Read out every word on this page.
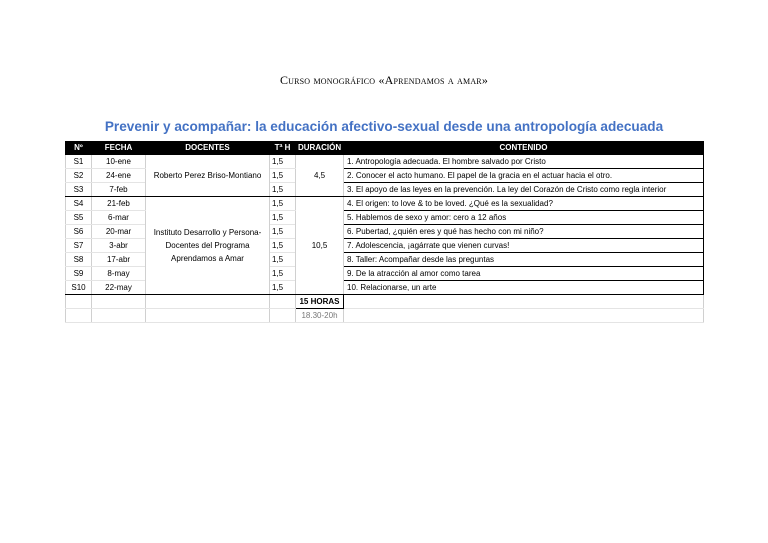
Curso monográfico «Aprendamos a amar»
Prevenir y acompañar: la educación afectivo-sexual desde una antropología adecuada
Nº	FECHA	DOCENTES	Tª H	DURACIÓN	CONTENIDO
S1	10-ene	Roberto Perez Briso-Montiano	1,5	4,5	1. Antropología adecuada. El hombre salvado por Cristo
S2	24-ene		1,5		2. Conocer el acto humano. El papel de la gracia en el actuar hacia el otro.
S3	7-feb		1,5		3. El apoyo de las leyes en la prevención. La ley del Corazón de Cristo como regla interior
S4	21-feb	Instituto Desarrollo y Persona- Docentes del Programa Aprendamos a Amar	1,5	10,5	4. El origen: to love & to be loved. ¿Qué es la sexualidad?
S5	6-mar		1,5		5. Hablemos de sexo y amor: cero a 12 años
S6	20-mar		1,5		6. Pubertad, ¿quién eres y qué has hecho con mi niño?
S7	3-abr		1,5		7. Adolescencia, ¡agárrate que vienen curvas!
S8	17-abr		1,5		8. Taller: Acompañar desde las preguntas
S9	8-may		1,5		9. De la atracción al amor como tarea
S10	22-may		1,5		10. Relacionarse, un arte
				15 HORAS	
				18.30-20h	
